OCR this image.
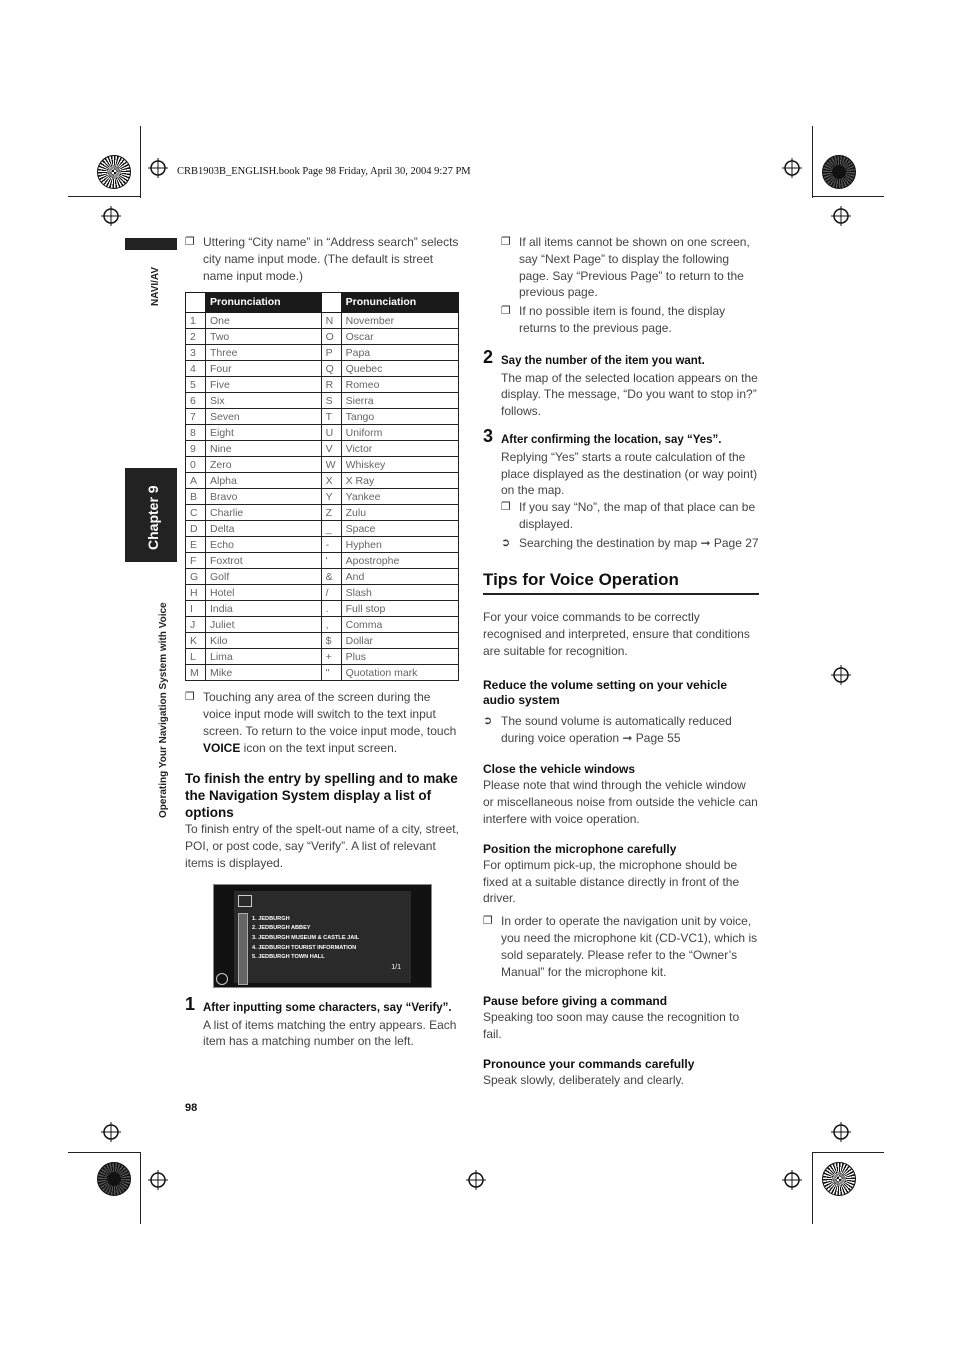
CRB1903B_ENGLISH.book Page 98 Friday, April 30, 2004 9:27 PM
NAVI/AV
Chapter 9
Operating Your Navigation System with Voice
❐ Uttering “City name” in “Address search” selects city name input mode. (The default is street name input mode.)
	Pronunciation		Pronunciation
1	One	N	November
2	Two	O	Oscar
3	Three	P	Papa
4	Four	Q	Quebec
5	Five	R	Romeo
6	Six	S	Sierra
7	Seven	T	Tango
8	Eight	U	Uniform
9	Nine	V	Victor
0	Zero	W	Whiskey
A	Alpha	X	X Ray
B	Bravo	Y	Yankee
C	Charlie	Z	Zulu
D	Delta	_	Space
E	Echo	-	Hyphen
F	Foxtrot	'	Apostrophe
G	Golf	&	And
H	Hotel	/	Slash
I	India	.	Full stop
J	Juliet	,	Comma
K	Kilo	$	Dollar
L	Lima	+	Plus
M	Mike	"	Quotation mark
❐ Touching any area of the screen during the voice input mode will switch to the text input screen. To return to the voice input mode, touch VOICE icon on the text input screen.
To finish the entry by spelling and to make the Navigation System display a list of options
To finish entry of the spelt-out name of a city, street, POI, or post code, say “Verify”. A list of relevant items is displayed.
1. JEDBURGH
2. JEDBURGH ABBEY
3. JEDBURGH MUSEUM & CASTLE JAIL
4. JEDBURGH TOURIST INFORMATION
5. JEDBURGH TOWN HALL
1/1
1 After inputting some characters, say “Verify”.
A list of items matching the entry appears. Each item has a matching number on the left.
❐ If all items cannot be shown on one screen, say “Next Page” to display the following page. Say “Previous Page” to return to the previous page.
❐ If no possible item is found, the display returns to the previous page.
2 Say the number of the item you want.
The map of the selected location appears on the display. The message, “Do you want to stop in?” follows.
3 After confirming the location, say “Yes”.
Replying “Yes” starts a route calculation of the place displayed as the destination (or way point) on the map.
❐ If you say “No”, the map of that place can be displayed.
➲ Searching the destination by map ➞ Page 27
Tips for Voice Operation
For your voice commands to be correctly recognised and interpreted, ensure that conditions are suitable for recognition.
Reduce the volume setting on your vehicle audio system
➲ The sound volume is automatically reduced during voice operation ➞ Page 55
Close the vehicle windows
Please note that wind through the vehicle window or miscellaneous noise from outside the vehicle can interfere with voice operation.
Position the microphone carefully
For optimum pick-up, the microphone should be fixed at a suitable distance directly in front of the driver.
❐ In order to operate the navigation unit by voice, you need the microphone kit (CD-VC1), which is sold separately. Please refer to the “Owner’s Manual” for the microphone kit.
Pause before giving a command
Speaking too soon may cause the recognition to fail.
Pronounce your commands carefully
Speak slowly, deliberately and clearly.
98
